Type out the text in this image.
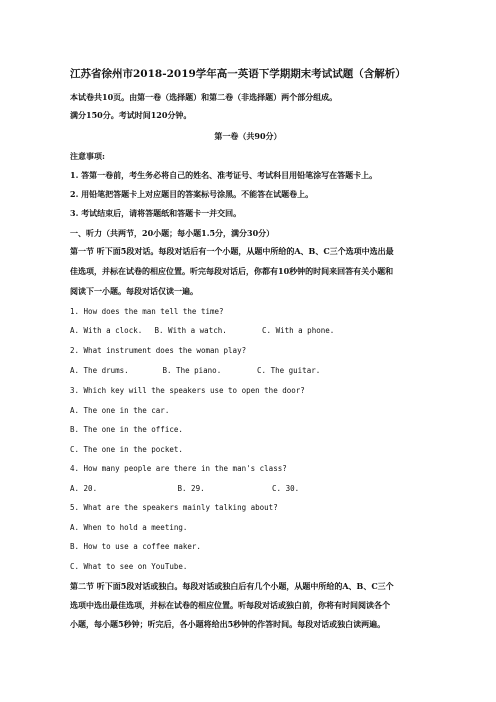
江苏省徐州市2018-2019学年高一英语下学期期末考试试题（含解析）
本试卷共10页。由第一卷（选择题）和第二卷（非选择题）两个部分组成。
满分150分。考试时间120分钟。
第一卷（共90分）
注意事项:
1. 答第一卷前，考生务必将自己的姓名、准考证号、考试科目用铅笔涂写在答题卡上。
2. 用铅笔把答题卡上对应题目的答案标号涂黑。不能答在试题卷上。
3. 考试结束后，请将答题纸和答题卡一并交回。
一、听力（共两节，20小题；每小题1.5分，满分30分）
第一节 听下面5段对话。每段对话后有一个小题，从题中所给的A、B、C三个选项中选出最
佳选项，并标在试卷的相应位置。听完每段对话后，你都有10秒钟的时间来回答有关小题和
阅读下一小题。每段对话仅读一遍。
1. How does the man tell the time?
A. With a clock. B. With a watch.	C. With a phone.
2. What instrument does the woman play?
A. The drums.	B. The piano.	C. The guitar.
3. Which key will the speakers use to open the door?
A. The one in the car.
B. The one in the office.
C. The one in the pocket.
4. How many people are there in the man's class?
A. 20.	B. 29.	C. 30.
5. What are the speakers mainly talking about?
A. When to hold a meeting.
B. How to use a coffee maker.
C. What to see on YouTube.
第二节 听下面5段对话或独白。每段对话或独白后有几个小题，从题中所给的A、B、C三个
选项中选出最佳选项，并标在试卷的相应位置。听每段对话或独白前，你将有时间阅读各个
小题，每小题5秒钟；听完后，各小题将给出5秒钟的作答时间。每段对话或独白读两遍。
